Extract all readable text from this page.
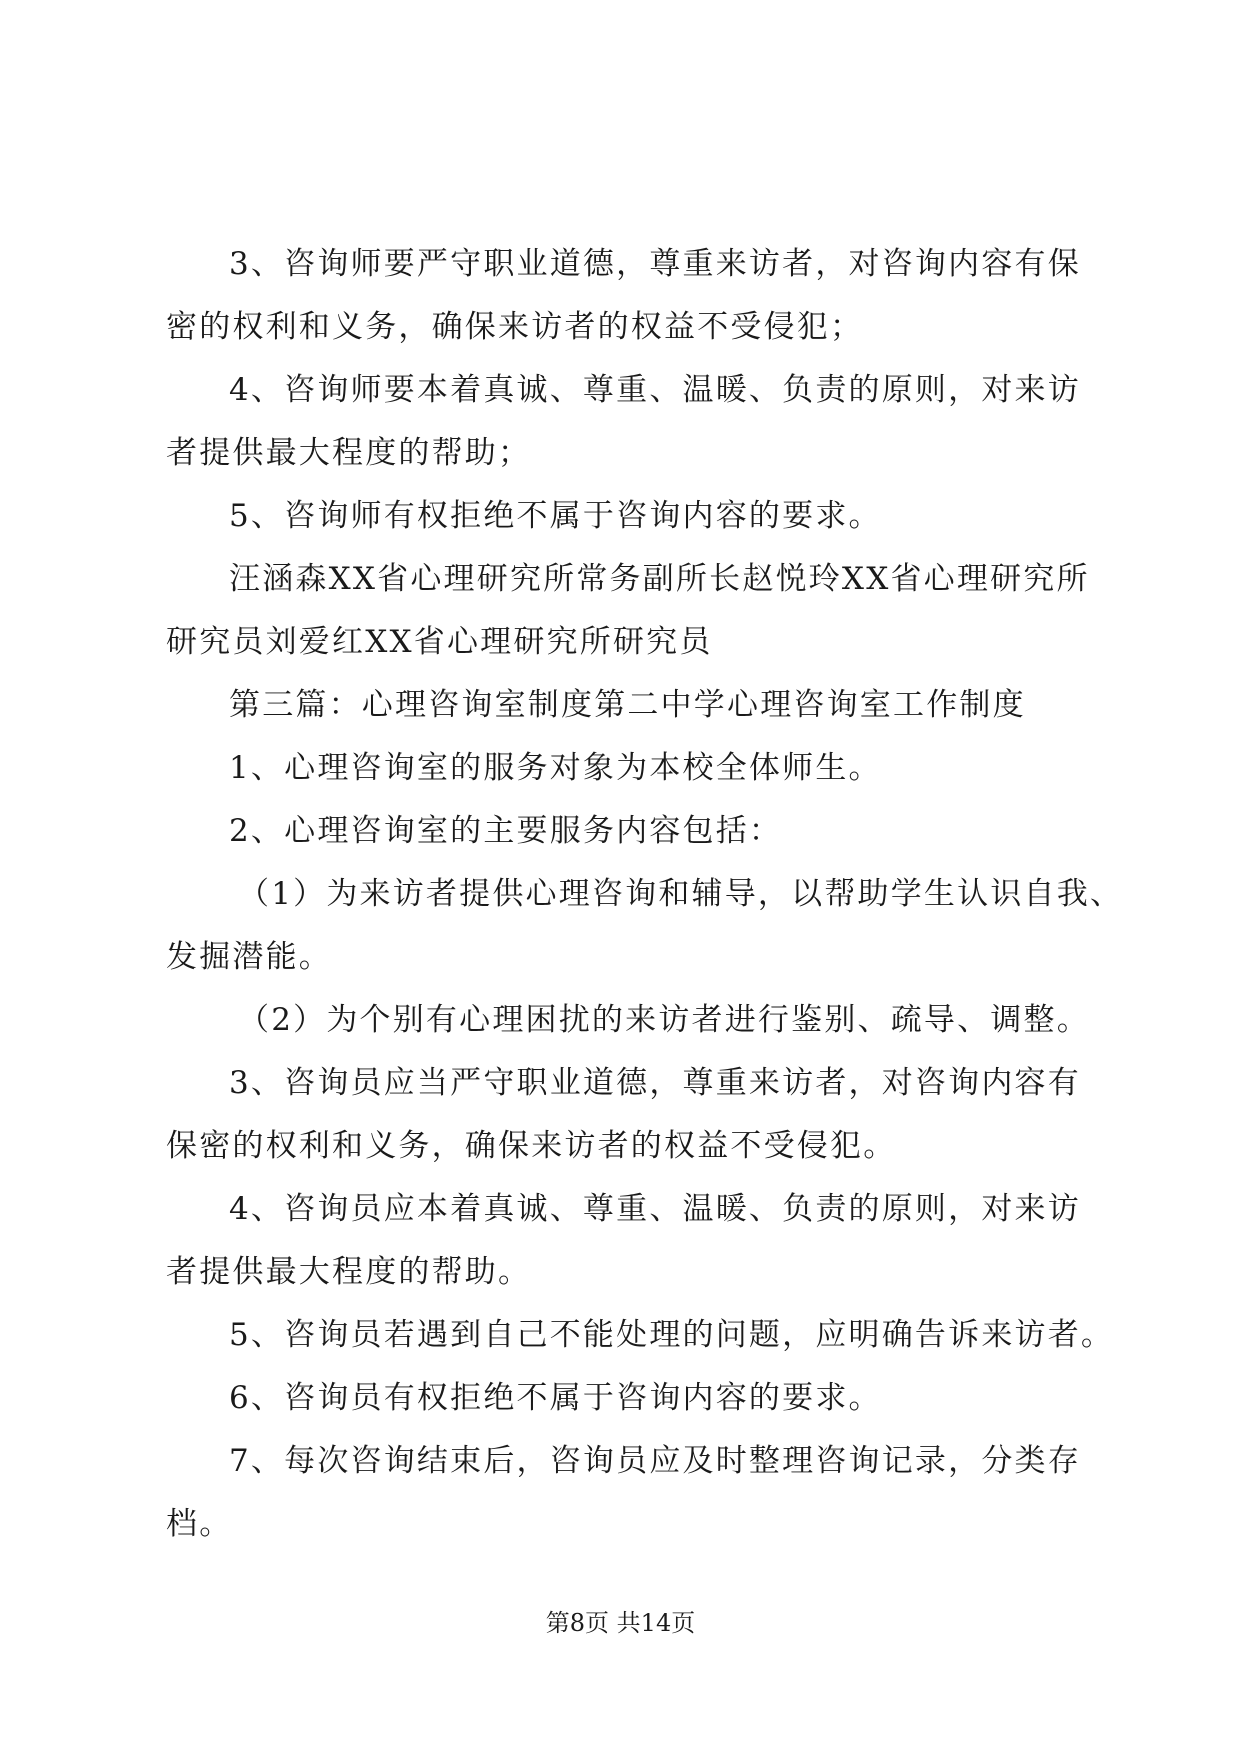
3、咨询师要严守职业道德，尊重来访者，对咨询内容有保
密的权利和义务，确保来访者的权益不受侵犯；
4、咨询师要本着真诚、尊重、温暖、负责的原则，对来访
者提供最大程度的帮助；
5、咨询师有权拒绝不属于咨询内容的要求。
汪涵森XX省心理研究所常务副所长赵悦玲XX省心理研究所
研究员刘爱红XX省心理研究所研究员
第三篇：心理咨询室制度第二中学心理咨询室工作制度
1、心理咨询室的服务对象为本校全体师生。
2、心理咨询室的主要服务内容包括：
（1）为来访者提供心理咨询和辅导，以帮助学生认识自我、
发掘潜能。
（2）为个别有心理困扰的来访者进行鉴别、疏导、调整。
3、咨询员应当严守职业道德，尊重来访者，对咨询内容有
保密的权利和义务，确保来访者的权益不受侵犯。
4、咨询员应本着真诚、尊重、温暖、负责的原则，对来访
者提供最大程度的帮助。
5、咨询员若遇到自己不能处理的问题，应明确告诉来访者。
6、咨询员有权拒绝不属于咨询内容的要求。
7、每次咨询结束后，咨询员应及时整理咨询记录，分类存
档。
第8页 共14页
